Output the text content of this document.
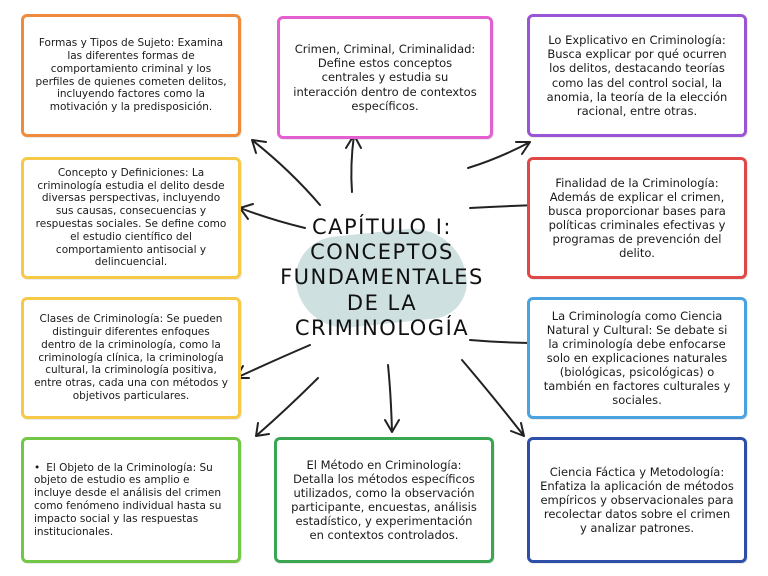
CAPÍTULO I:
CONCEPTOS
FUNDAMENTALES
DE LA
CRIMINOLOGÍA
Formas y Tipos de Sujeto: Examina las diferentes formas de comportamiento criminal y los perfiles de quienes cometen delitos, incluyendo factores como la motivación y la predisposición.
Crimen, Criminal, Criminalidad: Define estos conceptos centrales y estudia su interacción dentro de contextos específicos.
Lo Explicativo en Criminología: Busca explicar por qué ocurren los delitos, destacando teorías como las del control social, la anomia, la teoría de la elección racional, entre otras.
Concepto y Definiciones: La criminología estudia el delito desde diversas perspectivas, incluyendo sus causas, consecuencias y respuestas sociales. Se define como el estudio científico del comportamiento antisocial y delincuencial.
Finalidad de la Criminología: Además de explicar el crimen, busca proporcionar bases para políticas criminales efectivas y programas de prevención del delito.
Clases de Criminología: Se pueden distinguir diferentes enfoques dentro de la criminología, como la criminología clínica, la criminología cultural, la criminología positiva, entre otras, cada una con métodos y objetivos particulares.
La Criminología como Ciencia Natural y Cultural: Se debate si la criminología debe enfocarse solo en explicaciones naturales (biológicas, psicológicas) o también en factores culturales y sociales.
• El Objeto de la Criminología: Su objeto de estudio es amplio e incluye desde el análisis del crimen como fenómeno individual hasta su impacto social y las respuestas institucionales.
El Método en Criminología: Detalla los métodos específicos utilizados, como la observación participante, encuestas, análisis estadístico, y experimentación en contextos controlados.
Ciencia Fáctica y Metodología: Enfatiza la aplicación de métodos empíricos y observacionales para recolectar datos sobre el crimen y analizar patrones.
